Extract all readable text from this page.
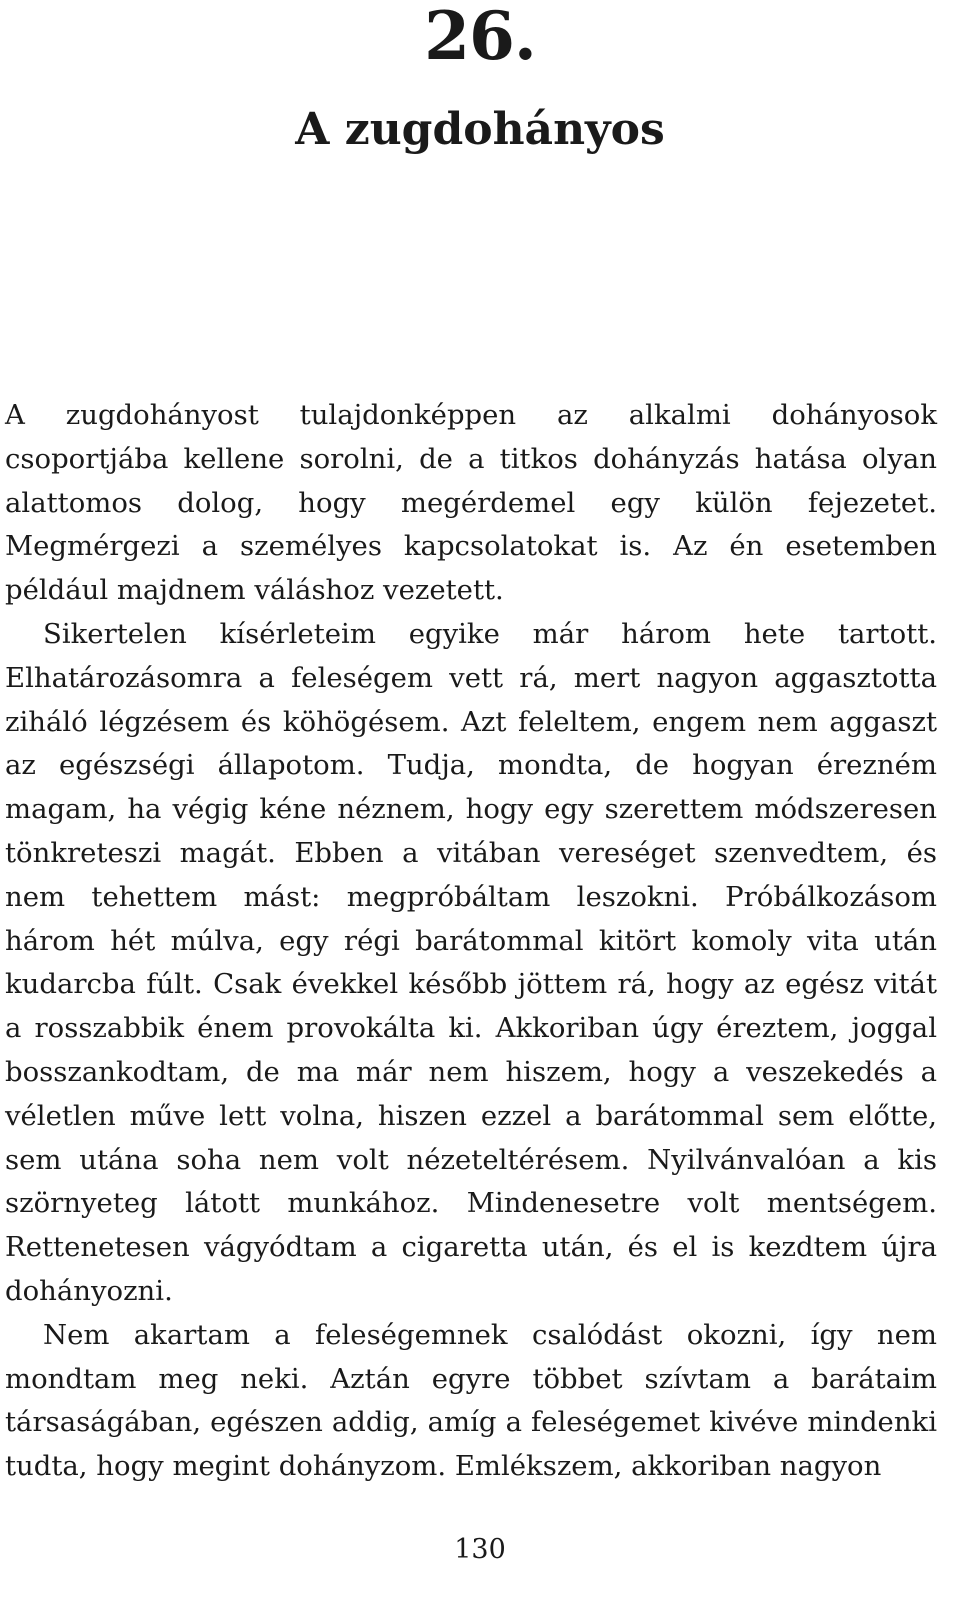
26.
A zugdohányos

A zugdohányost tulajdonképpen az alkalmi dohányosok csoportjába kellene sorolni, de a titkos dohányzás hatása olyan alattomos dolog, hogy megérdemel egy külön fejezetet. Megmérgezi a személyes kapcsolatokat is. Az én esetemben például majdnem váláshoz vezetett.

Sikertelen kísérleteim egyike már három hete tartott. Elhatározásomra a feleségem vett rá, mert nagyon aggasztotta ziháló légzésem és köhögésem. Azt feleltem, engem nem aggaszt az egészségi állapotom. Tudja, mondta, de hogyan érezném magam, ha végig kéne néznem, hogy egy szerettem módszeresen tönkreteszi magát. Ebben a vitában vereséget szenvedtem, és nem tehettem mást: megpróbáltam leszokni. Próbálkozásom három hét múlva, egy régi barátommal kitört komoly vita után kudarcba fúlt. Csak évekkel később jöttem rá, hogy az egész vitát a rosszabbik énem provokálta ki. Akkoriban úgy éreztem, joggal bosszankodtam, de ma már nem hiszem, hogy a veszekedés a véletlen műve lett volna, hiszen ezzel a barátommal sem előtte, sem utána soha nem volt nézeteltérésem. Nyilvánvalóan a kis szörnyeteg látott munkához. Mindenesetre volt mentségem. Rettenetesen vágyódtam a cigaretta után, és el is kezdtem újra dohányozni.

Nem akartam a feleségemnek csalódást okozni, így nem mondtam meg neki. Aztán egyre többet szívtam a barátaim társaságában, egészen addig, amíg a feleségemet kivéve mindenki tudta, hogy megint dohányzom. Emlékszem, akkoriban nagyon

130
